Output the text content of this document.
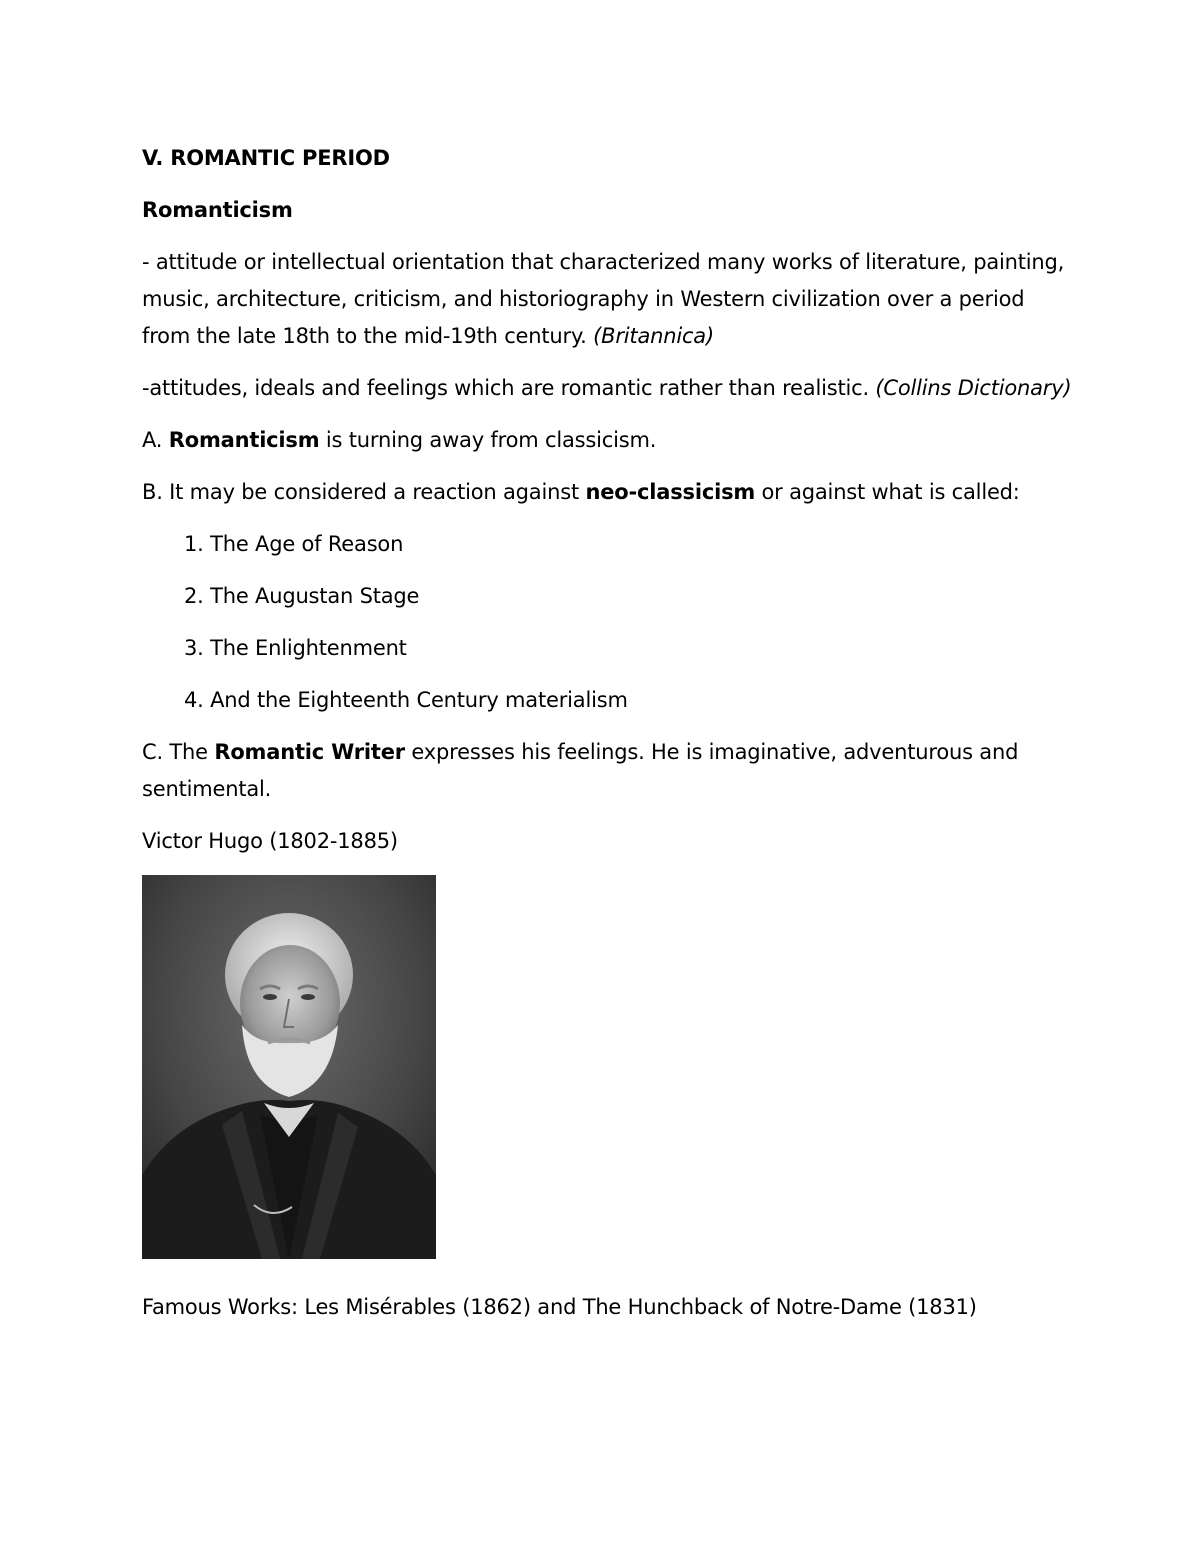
V. ROMANTIC PERIOD

Romanticism

- attitude or intellectual orientation that characterized many works of literature, painting, music, architecture, criticism, and historiography in Western civilization over a period from the late 18th to the mid-19th century. (Britannica)

-attitudes, ideals and feelings which are romantic rather than realistic. (Collins Dictionary)

A. Romanticism is turning away from classicism.

B. It may be considered a reaction against neo-classicism or against what is called:

1. The Age of Reason

2. The Augustan Stage

3. The Enlightenment

4. And the Eighteenth Century materialism

C. The Romantic Writer expresses his feelings. He is imaginative, adventurous and sentimental.

Victor Hugo (1802-1885)

Famous Works: Les Misérables (1862) and The Hunchback of Notre-Dame (1831)
